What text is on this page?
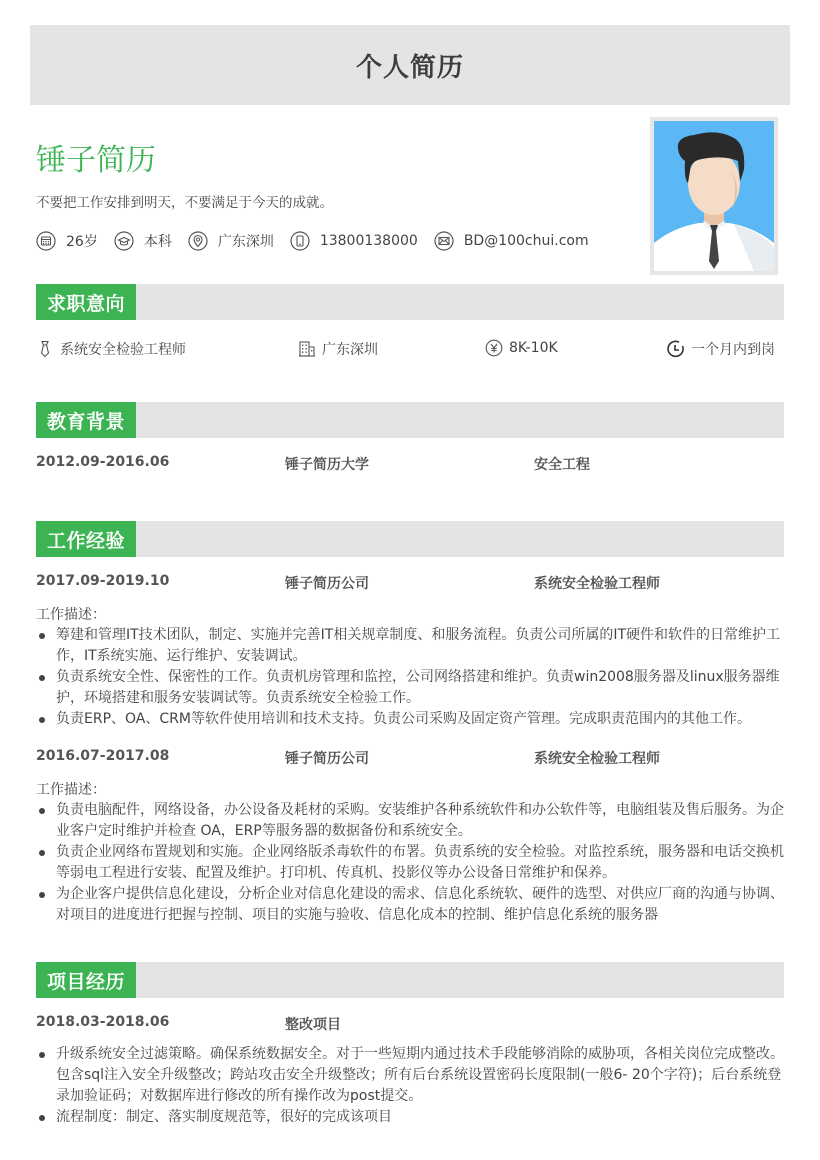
个人简历
锤子简历
不要把工作安排到明天，不要满足于今天的成就。
26岁	本科	广东深圳	13800138000	BD@100chui.com
求职意向
系统安全检验工程师	广东深圳	8K-10K	一个月内到岗
教育背景
2012.09-2016.06	锤子简历大学	安全工程
工作经验
2017.09-2019.10	锤子简历公司	系统安全检验工程师
工作描述：
筹建和管理IT技术团队，制定、实施并完善IT相关规章制度、和服务流程。负责公司所属的IT硬件和软件的日常维护工作，IT系统实施、运行维护、安装调试。
负责系统安全性、保密性的工作。负责机房管理和监控，公司网络搭建和维护。负责win2008服务器及linux服务器维护，环境搭建和服务安装调试等。负责系统安全检验工作。
负责ERP、OA、CRM等软件使用培训和技术支持。负责公司采购及固定资产管理。完成职责范围内的其他工作。
2016.07-2017.08	锤子简历公司	系统安全检验工程师
工作描述：
负责电脑配件，网络设备，办公设备及耗材的采购。安装维护各种系统软件和办公软件等，电脑组装及售后服务。为企业客户定时维护并检查 OA，ERP等服务器的数据备份和系统安全。
负责企业网络布置规划和实施。企业网络版杀毒软件的布署。负责系统的安全检验。对监控系统，服务器和电话交换机等弱电工程进行安装、配置及维护。打印机、传真机、投影仪等办公设备日常维护和保养。
为企业客户提供信息化建设，分析企业对信息化建设的需求、信息化系统软、硬件的选型、对供应厂商的沟通与协调、对项目的进度进行把握与控制、项目的实施与验收、信息化成本的控制、维护信息化系统的服务器
项目经历
2018.03-2018.06	整改项目
升级系统安全过滤策略。确保系统数据安全。对于一些短期内通过技术手段能够消除的威胁项，各相关岗位完成整改。包含sql注入安全升级整改；跨站攻击安全升级整改；所有后台系统设置密码长度限制(一般6- 20个字符)；后台系统登录加验证码；对数据库进行修改的所有操作改为post提交。
流程制度：制定、落实制度规范等，很好的完成该项目
